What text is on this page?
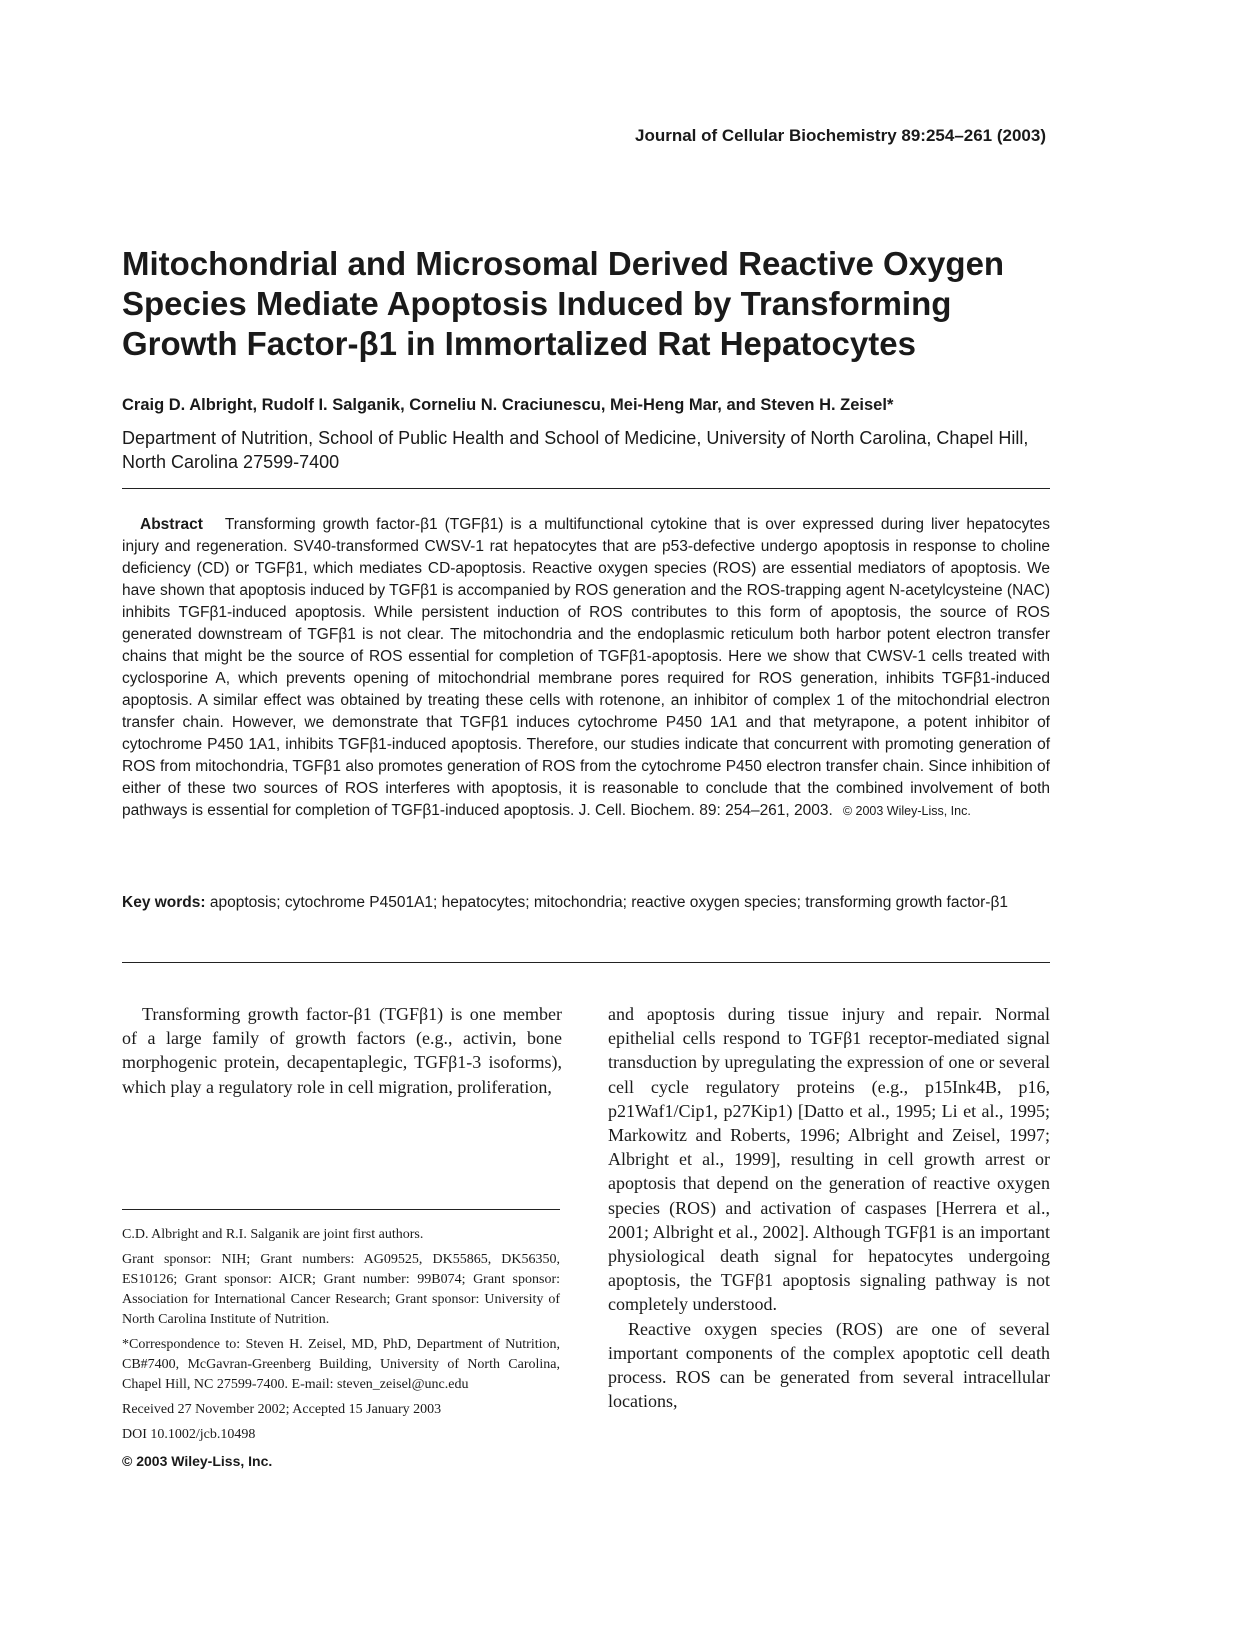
Journal of Cellular Biochemistry 89:254–261 (2003)
Mitochondrial and Microsomal Derived Reactive Oxygen
Species Mediate Apoptosis Induced by Transforming
Growth Factor-β1 in Immortalized Rat Hepatocytes
Craig D. Albright, Rudolf I. Salganik, Corneliu N. Craciunescu, Mei-Heng Mar, and Steven H. Zeisel*
Department of Nutrition, School of Public Health and School of Medicine, University of North Carolina, Chapel Hill, North Carolina 27599-7400
Abstract Transforming growth factor-β1 (TGFβ1) is a multifunctional cytokine that is over expressed during liver hepatocytes injury and regeneration. SV40-transformed CWSV-1 rat hepatocytes that are p53-defective undergo apoptosis in response to choline deficiency (CD) or TGFβ1, which mediates CD-apoptosis. Reactive oxygen species (ROS) are essential mediators of apoptosis. We have shown that apoptosis induced by TGFβ1 is accompanied by ROS generation and the ROS-trapping agent N-acetylcysteine (NAC) inhibits TGFβ1-induced apoptosis. While persistent induction of ROS contributes to this form of apoptosis, the source of ROS generated downstream of TGFβ1 is not clear. The mitochondria and the endoplasmic reticulum both harbor potent electron transfer chains that might be the source of ROS essential for completion of TGFβ1-apoptosis. Here we show that CWSV-1 cells treated with cyclosporine A, which prevents opening of mitochondrial membrane pores required for ROS generation, inhibits TGFβ1-induced apoptosis. A similar effect was obtained by treating these cells with rotenone, an inhibitor of complex 1 of the mitochondrial electron transfer chain. However, we demonstrate that TGFβ1 induces cytochrome P450 1A1 and that metyrapone, a potent inhibitor of cytochrome P450 1A1, inhibits TGFβ1-induced apoptosis. Therefore, our studies indicate that concurrent with promoting generation of ROS from mitochondria, TGFβ1 also promotes generation of ROS from the cytochrome P450 electron transfer chain. Since inhibition of either of these two sources of ROS interferes with apoptosis, it is reasonable to conclude that the combined involvement of both pathways is essential for completion of TGFβ1-induced apoptosis. J. Cell. Biochem. 89: 254–261, 2003. © 2003 Wiley-Liss, Inc.
Key words: apoptosis; cytochrome P4501A1; hepatocytes; mitochondria; reactive oxygen species; transforming growth factor-β1

Transforming growth factor-β1 (TGFβ1) is one member of a large family of growth factors (e.g., activin, bone morphogenic protein, decapentaplegic, TGFβ1-3 isoforms), which play a regulatory role in cell migration, proliferation,

C.D. Albright and R.I. Salganik are joint first authors.

Grant sponsor: NIH; Grant numbers: AG09525, DK55865, DK56350, ES10126; Grant sponsor: AICR; Grant number: 99B074; Grant sponsor: Association for International Cancer Research; Grant sponsor: University of North Carolina Institute of Nutrition.

*Correspondence to: Steven H. Zeisel, MD, PhD, Department of Nutrition, CB#7400, McGavran-Greenberg Building, University of North Carolina, Chapel Hill, NC 27599-7400. E-mail: steven_zeisel@unc.edu

Received 27 November 2002; Accepted 15 January 2003

DOI 10.1002/jcb.10498

© 2003 Wiley-Liss, Inc.

and apoptosis during tissue injury and repair. Normal epithelial cells respond to TGFβ1 receptor-mediated signal transduction by upregulating the expression of one or several cell cycle regulatory proteins (e.g., p15Ink4B, p16, p21Waf1/Cip1, p27Kip1) [Datto et al., 1995; Li et al., 1995; Markowitz and Roberts, 1996; Albright and Zeisel, 1997; Albright et al., 1999], resulting in cell growth arrest or apoptosis that depend on the generation of reactive oxygen species (ROS) and activation of caspases [Herrera et al., 2001; Albright et al., 2002]. Although TGFβ1 is an important physiological death signal for hepatocytes undergoing apoptosis, the TGFβ1 apoptosis signaling pathway is not completely understood.

Reactive oxygen species (ROS) are one of several important components of the complex apoptotic cell death process. ROS can be generated from several intracellular locations,
